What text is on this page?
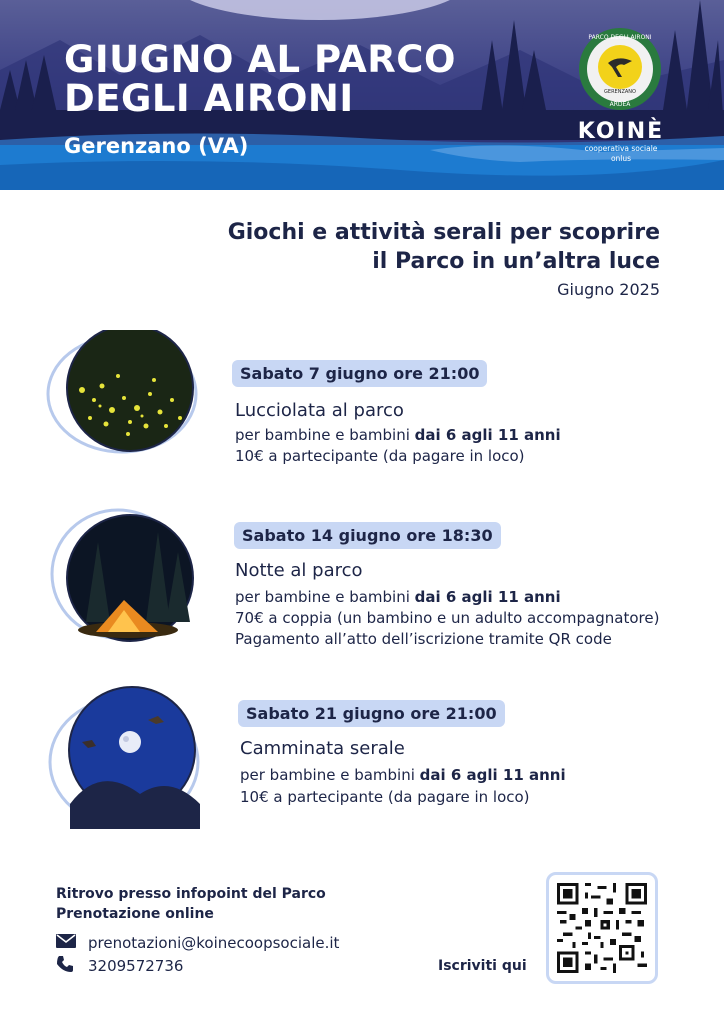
GIUGNO AL PARCO
DEGLI AIRONI
Gerenzano (VA)
GERENZANO
PARCO DEGLI AIRONI
ARDEA
KOINÈ
cooperativa sociale onlus
Giochi e attività serali per scoprire
il Parco in un’altra luce
Giugno 2025
Sabato 7 giugno ore 21:00
Lucciolata al parco
per bambine e bambini dai 6 agli 11 anni
10€ a partecipante (da pagare in loco)
Sabato 14 giugno ore 18:30
Notte al parco
per bambine e bambini dai 6 agli 11 anni
70€ a coppia (un bambino e un adulto accompagnatore)
Pagamento all’atto dell’iscrizione tramite QR code
Sabato 21 giugno ore 21:00
Camminata serale
per bambine e bambini dai 6 agli 11 anni
10€ a partecipante (da pagare in loco)
Ritrovo presso infopoint del Parco
Prenotazione online
prenotazioni@koinecoopsociale.it
3209572736	Iscriviti qui
